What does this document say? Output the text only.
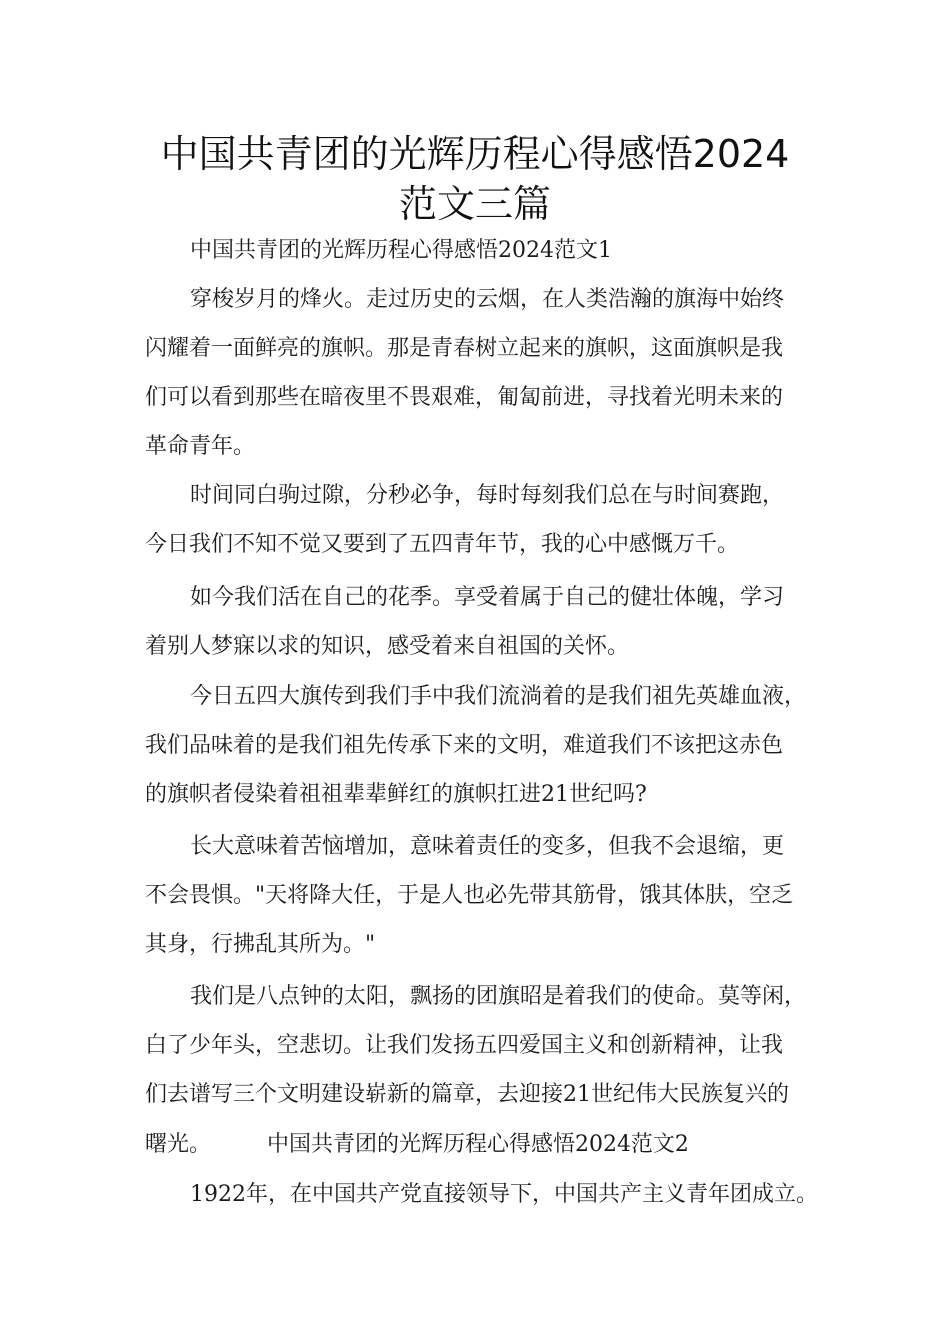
中国共青团的光辉历程心得感悟2024
范文三篇

中国共青团的光辉历程心得感悟2024范文1

穿梭岁月的烽火。走过历史的云烟，在人类浩瀚的旗海中始终

闪耀着一面鲜亮的旗帜。那是青春树立起来的旗帜，这面旗帜是我

们可以看到那些在暗夜里不畏艰难，匍匐前进，寻找着光明未来的

革命青年。

时间同白驹过隙，分秒必争，每时每刻我们总在与时间赛跑，

今日我们不知不觉又要到了五四青年节，我的心中感慨万千。

如今我们活在自己的花季。享受着属于自己的健壮体魄，学习

着别人梦寐以求的知识，感受着来自祖国的关怀。

今日五四大旗传到我们手中我们流淌着的是我们祖先英雄血液，

我们品味着的是我们祖先传承下来的文明，难道我们不该把这赤色

的旗帜者侵染着祖祖辈辈鲜红的旗帜扛进21世纪吗?

长大意味着苦恼增加，意味着责任的变多，但我不会退缩，更

不会畏惧。"天将降大任，于是人也必先带其筋骨，饿其体肤，空乏

其身，行拂乱其所为。"

我们是八点钟的太阳，飘扬的团旗昭是着我们的使命。莫等闲，

白了少年头，空悲切。让我们发扬五四爱国主义和创新精神，让我

们去谱写三个文明建设崭新的篇章，去迎接21世纪伟大民族复兴的

曙光。        中国共青团的光辉历程心得感悟2024范文2

1922年，在中国共产党直接领导下，中国共产主义青年团成立。
